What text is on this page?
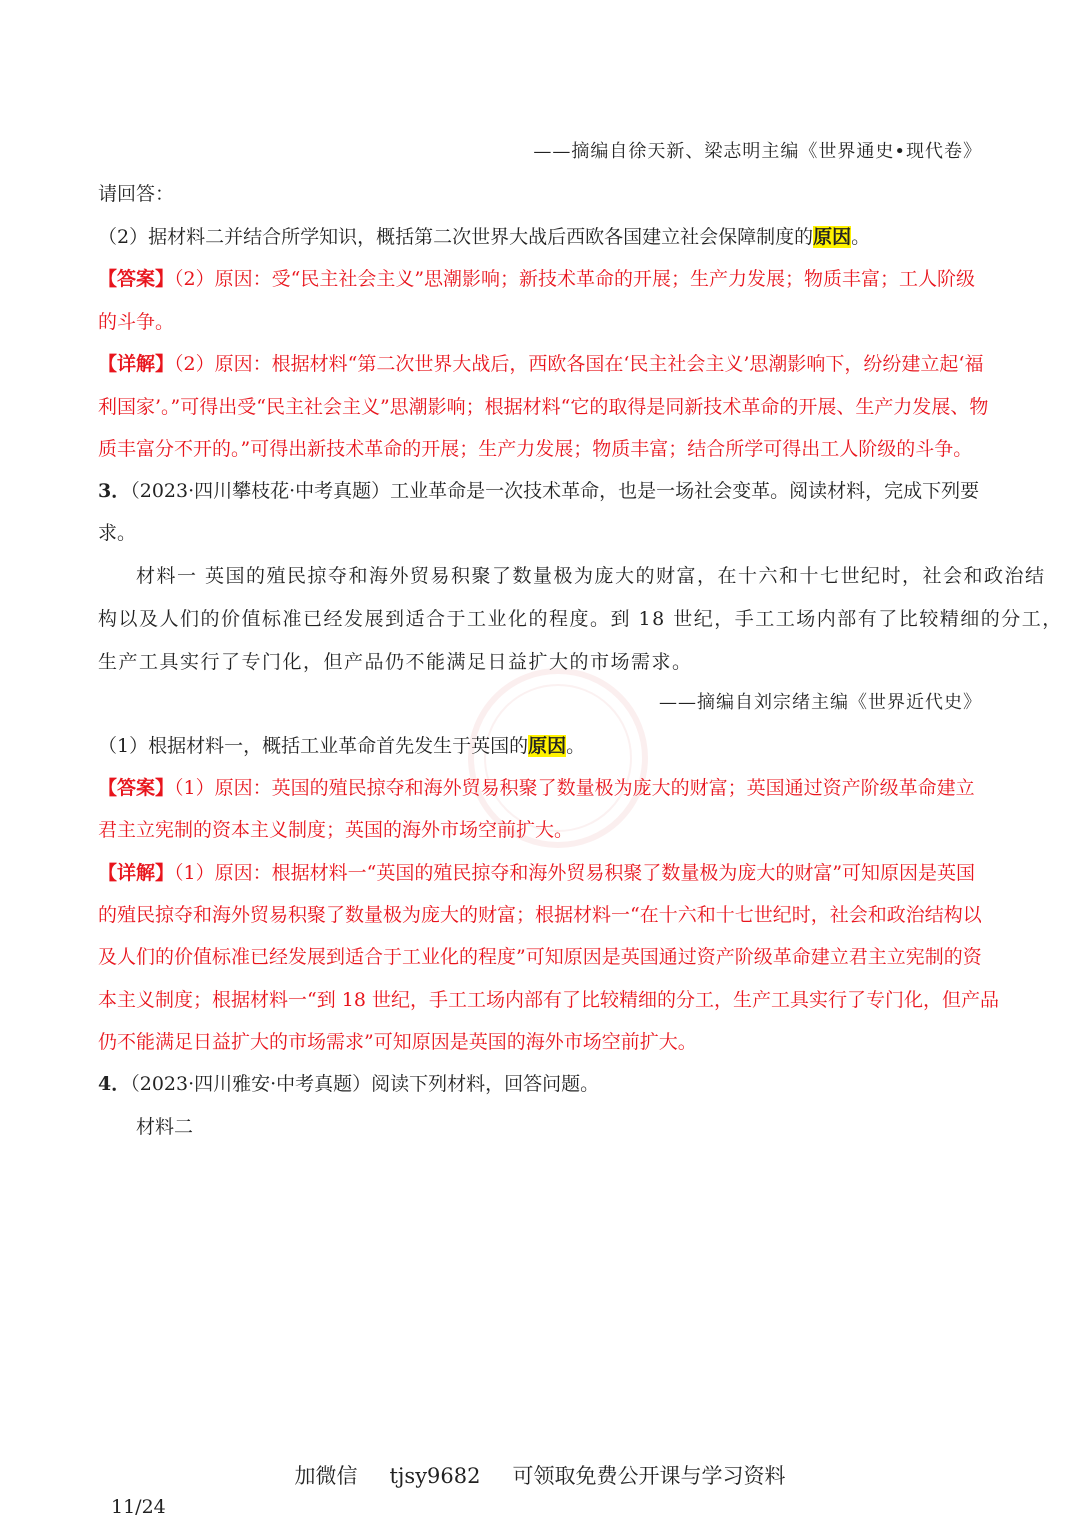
——摘编自徐天新、梁志明主编《世界通史•现代卷》
请回答：
（2）据材料二并结合所学知识，概括第二次世界大战后西欧各国建立社会保障制度的原因。
【答案】（2）原因：受“民主社会主义”思潮影响；新技术革命的开展；生产力发展；物质丰富；工人阶级
的斗争。
【详解】（2）原因：根据材料“第二次世界大战后，西欧各国在‘民主社会主义’思潮影响下，纷纷建立起‘福
利国家’。”可得出受“民主社会主义”思潮影响；根据材料“它的取得是同新技术革命的开展、生产力发展、物
质丰富分不开的。”可得出新技术革命的开展；生产力发展；物质丰富；结合所学可得出工人阶级的斗争。
3．（2023·四川攀枝花·中考真题）工业革命是一次技术革命，也是一场社会变革。阅读材料，完成下列要
求。
材料一 英国的殖民掠夺和海外贸易积聚了数量极为庞大的财富，在十六和十七世纪时，社会和政治结
构以及人们的价值标准已经发展到适合于工业化的程度。到 18 世纪，手工工场内部有了比较精细的分工，
生产工具实行了专门化，但产品仍不能满足日益扩大的市场需求。
——摘编自刘宗绪主编《世界近代史》
（1）根据材料一，概括工业革命首先发生于英国的原因。
【答案】（1）原因：英国的殖民掠夺和海外贸易积聚了数量极为庞大的财富；英国通过资产阶级革命建立
君主立宪制的资本主义制度；英国的海外市场空前扩大。
【详解】（1）原因：根据材料一“英国的殖民掠夺和海外贸易积聚了数量极为庞大的财富”可知原因是英国
的殖民掠夺和海外贸易积聚了数量极为庞大的财富；根据材料一“在十六和十七世纪时，社会和政治结构以
及人们的价值标准已经发展到适合于工业化的程度”可知原因是英国通过资产阶级革命建立君主立宪制的资
本主义制度；根据材料一“到 18 世纪，手工工场内部有了比较精细的分工，生产工具实行了专门化，但产品
仍不能满足日益扩大的市场需求”可知原因是英国的海外市场空前扩大。
4．（2023·四川雅安·中考真题）阅读下列材料，回答问题。
材料二
加微信 tjsy9682 可领取免费公开课与学习资料
11/24
